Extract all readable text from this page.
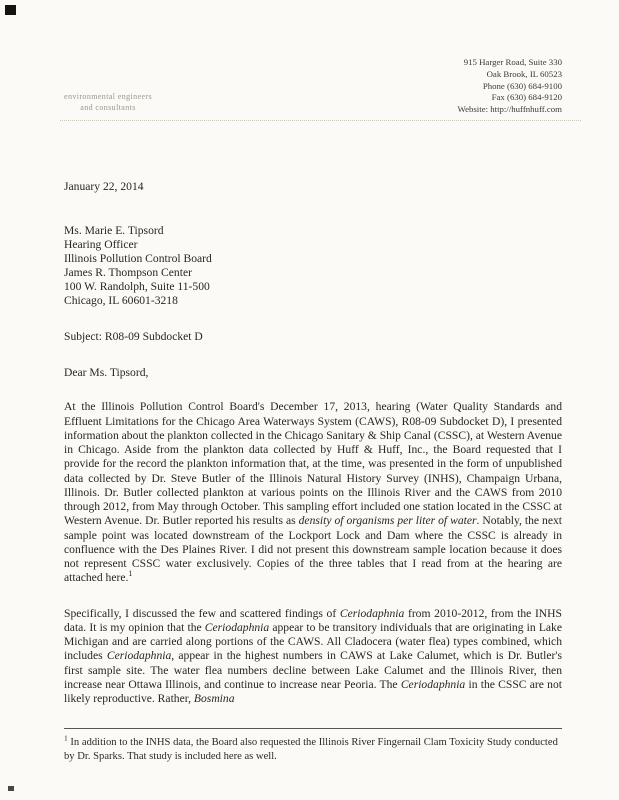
environmental engineers
and consultants
915 Harger Road, Suite 330
Oak Brook, IL 60523
Phone (630) 684-9100
Fax (630) 684-9120
Website: http://huffnhuff.com
January 22, 2014
Ms. Marie E. Tipsord
Hearing Officer
Illinois Pollution Control Board
James R. Thompson Center
100 W. Randolph, Suite 11-500
Chicago, IL 60601-3218
Subject: R08-09 Subdocket D
Dear Ms. Tipsord,

At the Illinois Pollution Control Board's December 17, 2013, hearing (Water Quality Standards and Effluent Limitations for the Chicago Area Waterways System (CAWS), R08-09 Subdocket D), I presented information about the plankton collected in the Chicago Sanitary & Ship Canal (CSSC), at Western Avenue in Chicago. Aside from the plankton data collected by Huff & Huff, Inc., the Board requested that I provide for the record the plankton information that, at the time, was presented in the form of unpublished data collected by Dr. Steve Butler of the Illinois Natural History Survey (INHS), Champaign Urbana, Illinois. Dr. Butler collected plankton at various points on the Illinois River and the CAWS from 2010 through 2012, from May through October. This sampling effort included one station located in the CSSC at Western Avenue. Dr. Butler reported his results as density of organisms per liter of water. Notably, the next sample point was located downstream of the Lockport Lock and Dam where the CSSC is already in confluence with the Des Plaines River. I did not present this downstream sample location because it does not represent CSSC water exclusively. Copies of the three tables that I read from at the hearing are attached here.$^1$

Specifically, I discussed the few and scattered findings of Ceriodaphnia from 2010-2012, from the INHS data. It is my opinion that the Ceriodaphnia appear to be transitory individuals that are originating in Lake Michigan and are carried along portions of the CAWS. All Cladocera (water flea) types combined, which includes Ceriodaphnia, appear in the highest numbers in CAWS at Lake Calumet, which is Dr. Butler's first sample site. The water flea numbers decline between Lake Calumet and the Illinois River, then increase near Ottawa Illinois, and continue to increase near Peoria. The Ceriodaphnia in the CSSC are not likely reproductive. Rather, Bosmina

$^1$ In addition to the INHS data, the Board also requested the Illinois River Fingernail Clam Toxicity Study conducted by Dr. Sparks. That study is included here as well.
